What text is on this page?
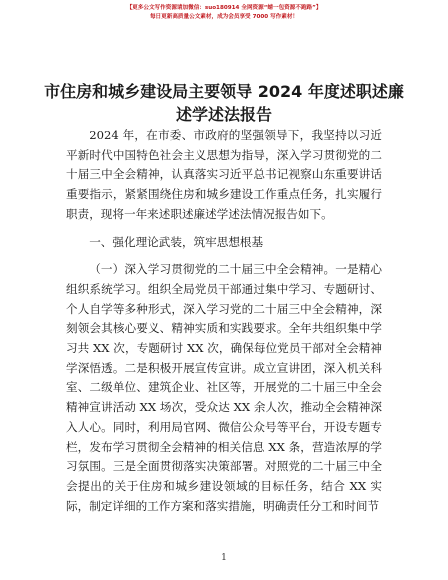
【更多公文写作资源请加微信：suo180914 全网资源“蜻一包资源不跑路”】
每日更新高质量公文素材，成为会员享受 7000 写作素材！
市住房和城乡建设局主要领导 2024 年度述职述廉述学述法报告

2024 年，在市委、市政府的坚强领导下，我坚持以习近平新时代中国特色社会主义思想为指导，深入学习贯彻党的二十届三中全会精神，认真落实习近平总书记视察山东重要讲话重要指示，紧紧围绕住房和城乡建设工作重点任务，扎实履行职责，现将一年来述职述廉述学述法情况报告如下。

一、强化理论武装，筑牢思想根基

（一）深入学习贯彻党的二十届三中全会精神。一是精心组织系统学习。组织全局党员干部通过集中学习、专题研讨、个人自学等多种形式，深入学习党的二十届三中全会精神，深刻领会其核心要义、精神实质和实践要求。全年共组织集中学习共 XX 次，专题研讨 XX 次，确保每位党员干部对全会精神学深悟透。二是积极开展宣传宣讲。成立宣讲团，深入机关科室、二级单位、建筑企业、社区等，开展党的二十届三中全会精神宣讲活动 XX 场次，受众达 XX 余人次，推动全会精神深入人心。同时，利用局官网、微信公众号等平台，开设专题专栏，发布学习贯彻全会精神的相关信息 XX 条，营造浓厚的学习氛围。三是全面贯彻落实决策部署。对照党的二十届三中全会提出的关于住房和城乡建设领域的目标任务，结合 XX 实际，制定详细的工作方案和落实措施，明确责任分工和时间节

1
